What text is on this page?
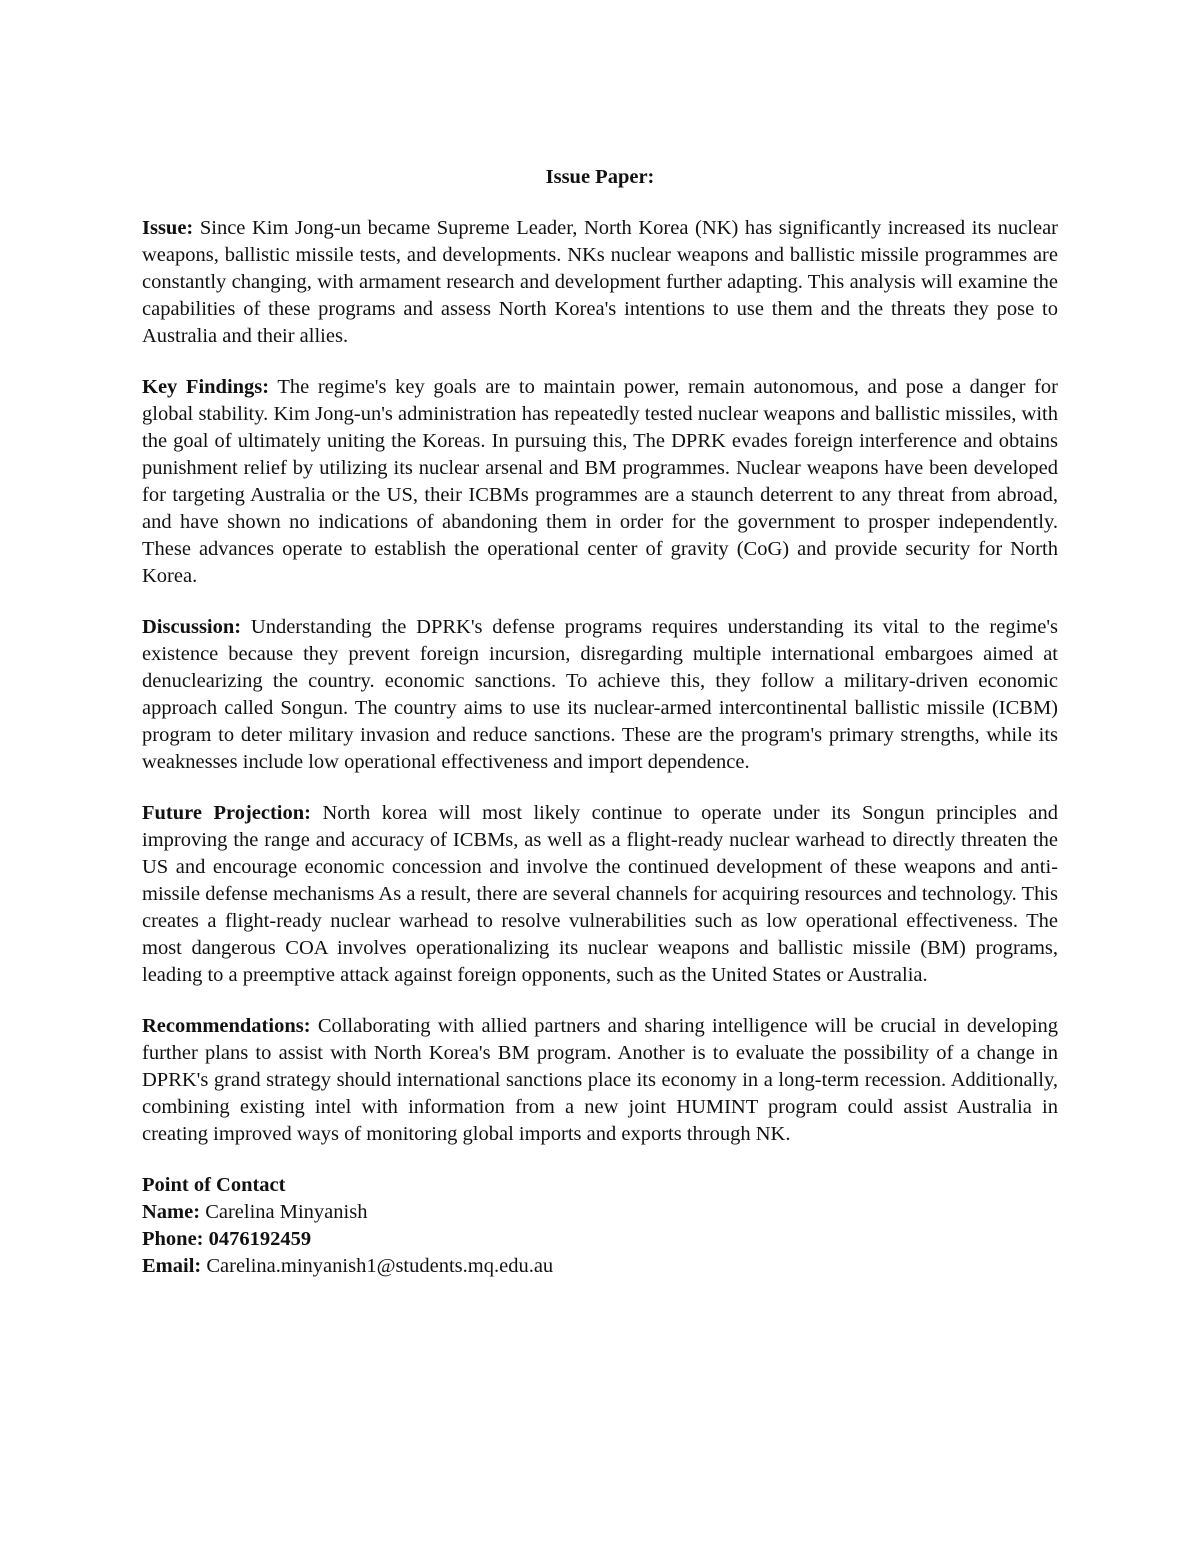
Issue Paper:

Issue: Since Kim Jong-un became Supreme Leader, North Korea (NK) has significantly increased its nuclear weapons, ballistic missile tests, and developments. NKs nuclear weapons and ballistic missile programmes are constantly changing, with armament research and development further adapting. This analysis will examine the capabilities of these programs and assess North Korea's intentions to use them and the threats they pose to Australia and their allies.

Key Findings: The regime's key goals are to maintain power, remain autonomous, and pose a danger for global stability. Kim Jong-un's administration has repeatedly tested nuclear weapons and ballistic missiles, with the goal of ultimately uniting the Koreas. In pursuing this, The DPRK evades foreign interference and obtains punishment relief by utilizing its nuclear arsenal and BM programmes. Nuclear weapons have been developed for targeting Australia or the US, their ICBMs programmes are a staunch deterrent to any threat from abroad, and have shown no indications of abandoning them in order for the government to prosper independently. These advances operate to establish the operational center of gravity (CoG) and provide security for North Korea.

Discussion: Understanding the DPRK's defense programs requires understanding its vital to the regime's existence because they prevent foreign incursion, disregarding multiple international embargoes aimed at denuclearizing the country. economic sanctions. To achieve this, they follow a military-driven economic approach called Songun. The country aims to use its nuclear-armed intercontinental ballistic missile (ICBM) program to deter military invasion and reduce sanctions. These are the program's primary strengths, while its weaknesses include low operational effectiveness and import dependence.

Future Projection: North korea will most likely continue to operate under its Songun principles and improving the range and accuracy of ICBMs, as well as a flight-ready nuclear warhead to directly threaten the US and encourage economic concession and involve the continued development of these weapons and anti-missile defense mechanisms As a result, there are several channels for acquiring resources and technology. This creates a flight-ready nuclear warhead to resolve vulnerabilities such as low operational effectiveness. The most dangerous COA involves operationalizing its nuclear weapons and ballistic missile (BM) programs, leading to a preemptive attack against foreign opponents, such as the United States or Australia.

Recommendations: Collaborating with allied partners and sharing intelligence will be crucial in developing further plans to assist with North Korea's BM program. Another is to evaluate the possibility of a change in DPRK's grand strategy should international sanctions place its economy in a long-term recession. Additionally, combining existing intel with information from a new joint HUMINT program could assist Australia in creating improved ways of monitoring global imports and exports through NK.

Point of Contact

Name: Carelina Minyanish

Phone: 0476192459

Email: Carelina.minyanish1@students.mq.edu.au
